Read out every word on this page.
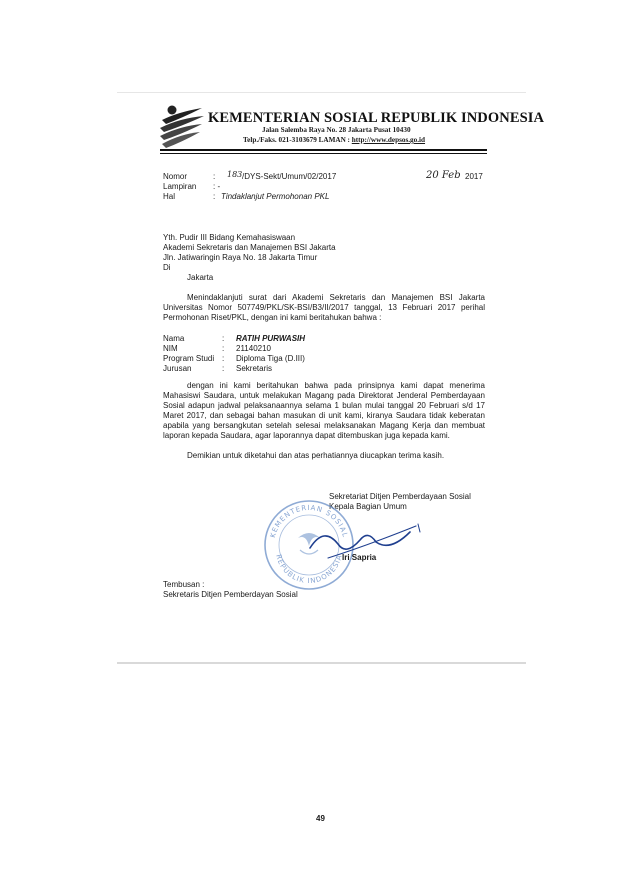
KEMENTERIAN SOSIAL REPUBLIK INDONESIA
Jalan Salemba Raya No. 28 Jakarta Pusat 10430
Telp./Faks. 021-3103679 LAMAN : http://www.depsos.go.id
Nomor	: 183 /DYS-Sekt/Umum/02/2017	20 Feb 2017
Lampiran : -
Hal	: Tindaklanjut Permohonan PKL
Yth. Pudir III Bidang Kemahasiswaan
Akademi Sekretaris dan Manajemen BSI Jakarta
Jln. Jatiwaringin Raya No. 18 Jakarta Timur
Di
Jakarta
Menindaklanjuti surat dari Akademi Sekretaris dan Manajemen BSI Jakarta Universitas Nomor 507749/PKL/SK-BSI/B3/II/2017 tanggal, 13 Februari 2017 perihal Permohonan Riset/PKL, dengan ini kami beritahukan bahwa :
Nama	: RATIH PURWASIH
NIM	: 21140210
Program Studi : Diploma Tiga (D.III)
Jurusan	: Sekretaris
dengan ini kami beritahukan bahwa pada prinsipnya kami dapat menerima Mahasiswi Saudara, untuk melakukan Magang pada Direktorat Jenderal Pemberdayaan Sosial adapun jadwal pelaksanaannya selama 1 bulan mulai tanggal 20 Februari s/d 17 Maret 2017, dan sebagai bahan masukan di unit kami, kiranya Saudara tidak keberatan apabila yang bersangkutan setelah selesai melaksanakan Magang Kerja dan membuat laporan kepada Saudara, agar laporannya dapat ditembuskan juga kepada kami.
Demikian untuk diketahui dan atas perhatiannya diucapkan terima kasih.
Sekretariat Ditjen Pemberdayaan Sosial
Kepala Bagian Umum
KEMENTERIAN SOSIAL
REPUBLIK INDONESIA
Iri Sapria
Tembusan :
Sekretaris Ditjen Pemberdayan Sosial
49
